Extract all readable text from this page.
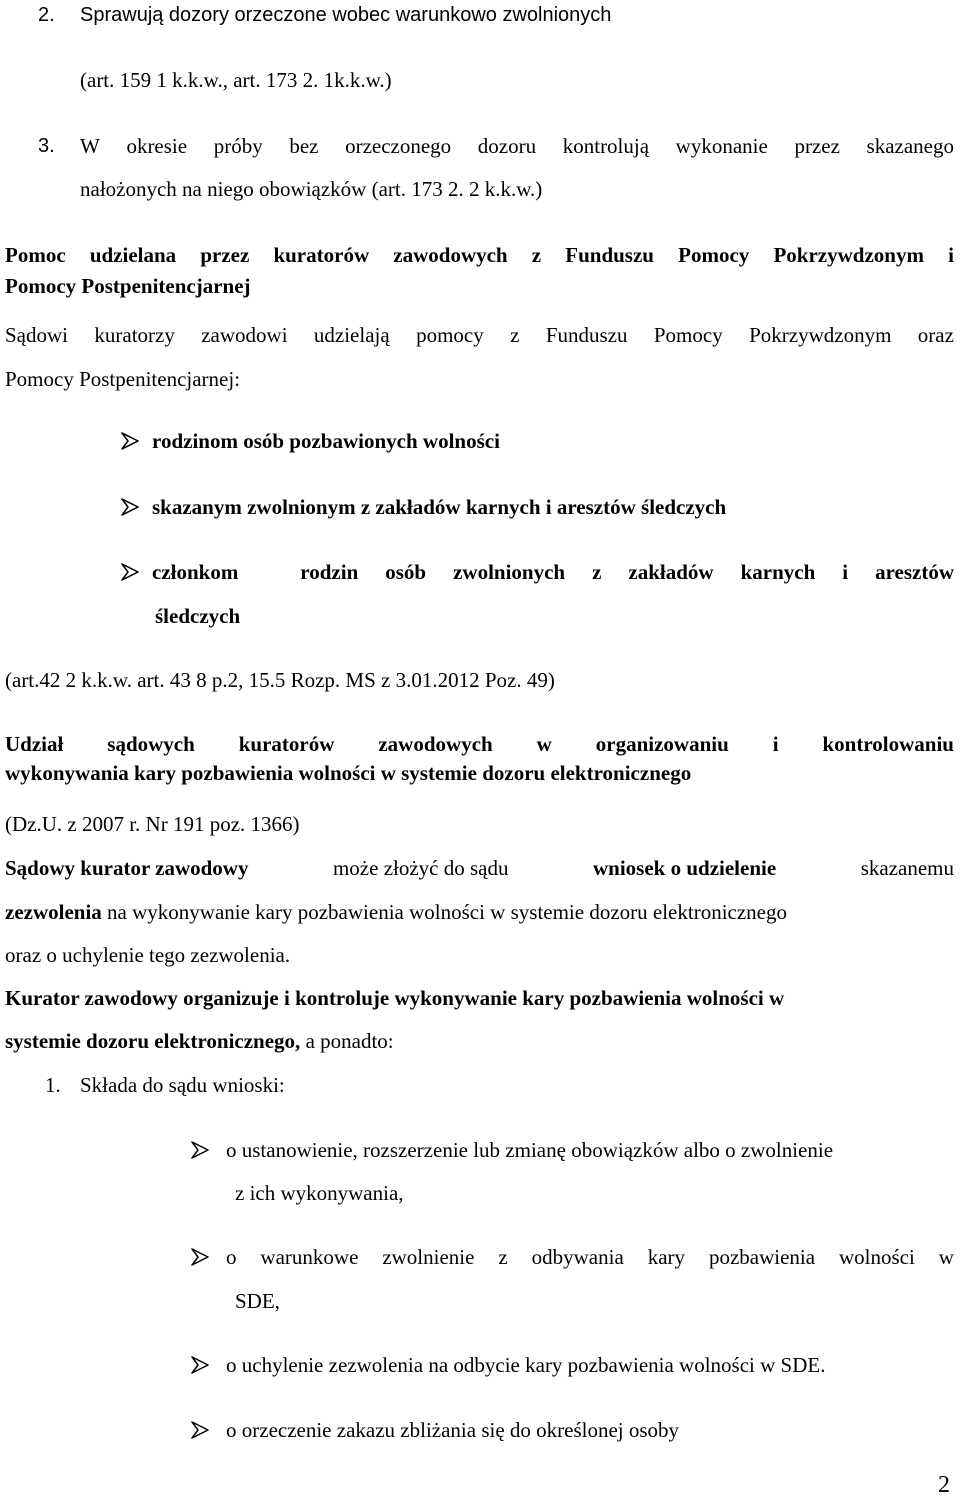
2. Sprawują dozory orzeczone wobec warunkowo zwolnionych
(art. 159 1 k.k.w., art. 173 2. 1k.k.w.)
3. W okresie próby bez orzeczonego dozoru kontrolują wykonanie przez skazanego
nałożonych na niego obowiązków (art. 173 2. 2 k.k.w.)
Pomoc udzielana przez kuratorów zawodowych z Funduszu Pomocy Pokrzywdzonym i
Pomocy Postpenitencjarnej
Sądowi kuratorzy zawodowi udzielają pomocy z Funduszu Pomocy Pokrzywdzonym oraz
Pomocy Postpenitencjarnej:
rodzinom osób pozbawionych wolności
skazanym zwolnionym z zakładów karnych i aresztów śledczych
członkom	rodzin osób zwolnionych z zakładów karnych i aresztów
śledczych
(art.42 2 k.k.w. art. 43 8 p.2, 15.5 Rozp. MS z 3.01.2012 Poz. 49)
Udział sądowych kuratorów zawodowych w organizowaniu i kontrolowaniu
wykonywania kary pozbawienia wolności w systemie dozoru elektronicznego
(Dz.U. z 2007 r. Nr 191 poz. 1366)
Sądowy kurator zawodowy	może złożyć do sądu	wniosek o udzielenie	skazanemu
zezwolenia na wykonywanie kary pozbawienia wolności w systemie dozoru elektronicznego
oraz o uchylenie tego zezwolenia.
Kurator zawodowy organizuje i kontroluje wykonywanie kary pozbawienia wolności w
systemie dozoru elektronicznego, a ponadto:
1. Składa do sądu wnioski:
o ustanowienie, rozszerzenie lub zmianę obowiązków albo o zwolnienie
z ich wykonywania,
o warunkowe zwolnienie z odbywania kary pozbawienia wolności w
SDE,
o uchylenie zezwolenia na odbycie kary pozbawienia wolności w SDE.
o orzeczenie zakazu zbliżania się do określonej osoby
2
